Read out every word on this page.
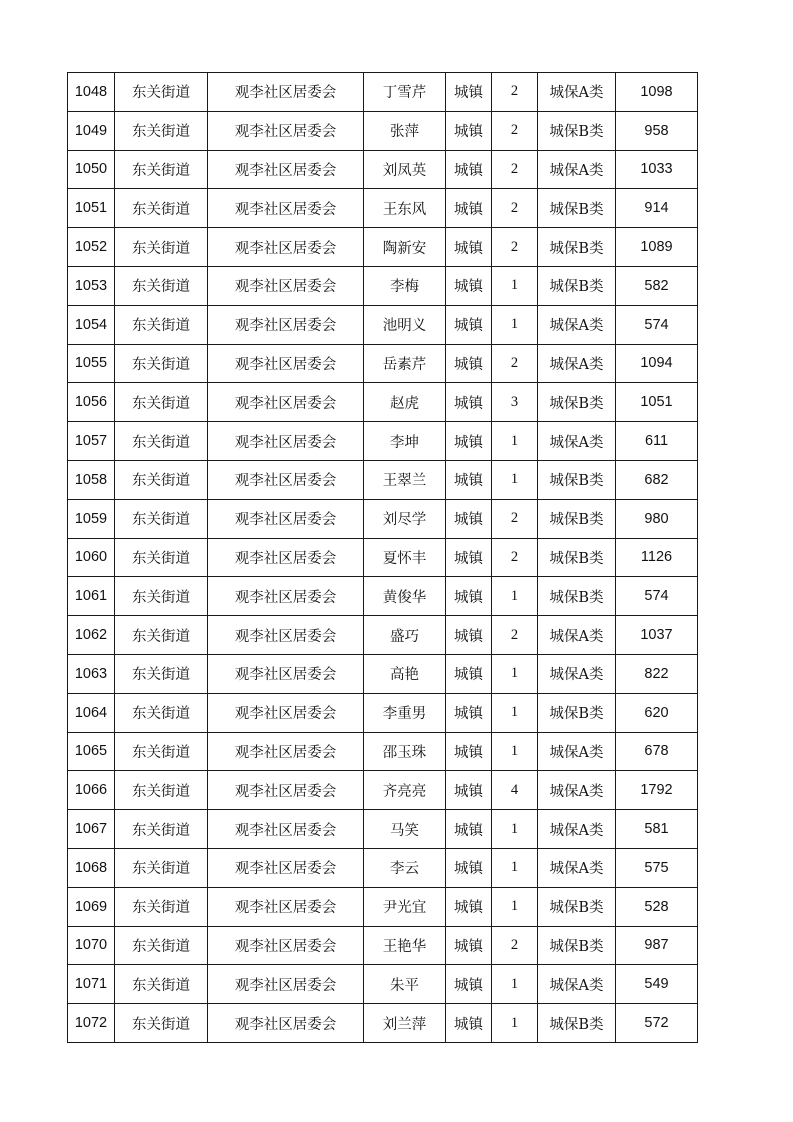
1048	东关街道	观李社区居委会	丁雪芹	城镇	2	城保A类	1098
1049	东关街道	观李社区居委会	张萍	城镇	2	城保B类	958
1050	东关街道	观李社区居委会	刘凤英	城镇	2	城保A类	1033
1051	东关街道	观李社区居委会	王东风	城镇	2	城保B类	914
1052	东关街道	观李社区居委会	陶新安	城镇	2	城保B类	1089
1053	东关街道	观李社区居委会	李梅	城镇	1	城保B类	582
1054	东关街道	观李社区居委会	池明义	城镇	1	城保A类	574
1055	东关街道	观李社区居委会	岳素芹	城镇	2	城保A类	1094
1056	东关街道	观李社区居委会	赵虎	城镇	3	城保B类	1051
1057	东关街道	观李社区居委会	李坤	城镇	1	城保A类	611
1058	东关街道	观李社区居委会	王翠兰	城镇	1	城保B类	682
1059	东关街道	观李社区居委会	刘尽学	城镇	2	城保B类	980
1060	东关街道	观李社区居委会	夏怀丰	城镇	2	城保B类	1126
1061	东关街道	观李社区居委会	黄俊华	城镇	1	城保B类	574
1062	东关街道	观李社区居委会	盛巧	城镇	2	城保A类	1037
1063	东关街道	观李社区居委会	高艳	城镇	1	城保A类	822
1064	东关街道	观李社区居委会	李重男	城镇	1	城保B类	620
1065	东关街道	观李社区居委会	邵玉珠	城镇	1	城保A类	678
1066	东关街道	观李社区居委会	齐亮亮	城镇	4	城保A类	1792
1067	东关街道	观李社区居委会	马笑	城镇	1	城保A类	581
1068	东关街道	观李社区居委会	李云	城镇	1	城保A类	575
1069	东关街道	观李社区居委会	尹光宜	城镇	1	城保B类	528
1070	东关街道	观李社区居委会	王艳华	城镇	2	城保B类	987
1071	东关街道	观李社区居委会	朱平	城镇	1	城保A类	549
1072	东关街道	观李社区居委会	刘兰萍	城镇	1	城保B类	572
